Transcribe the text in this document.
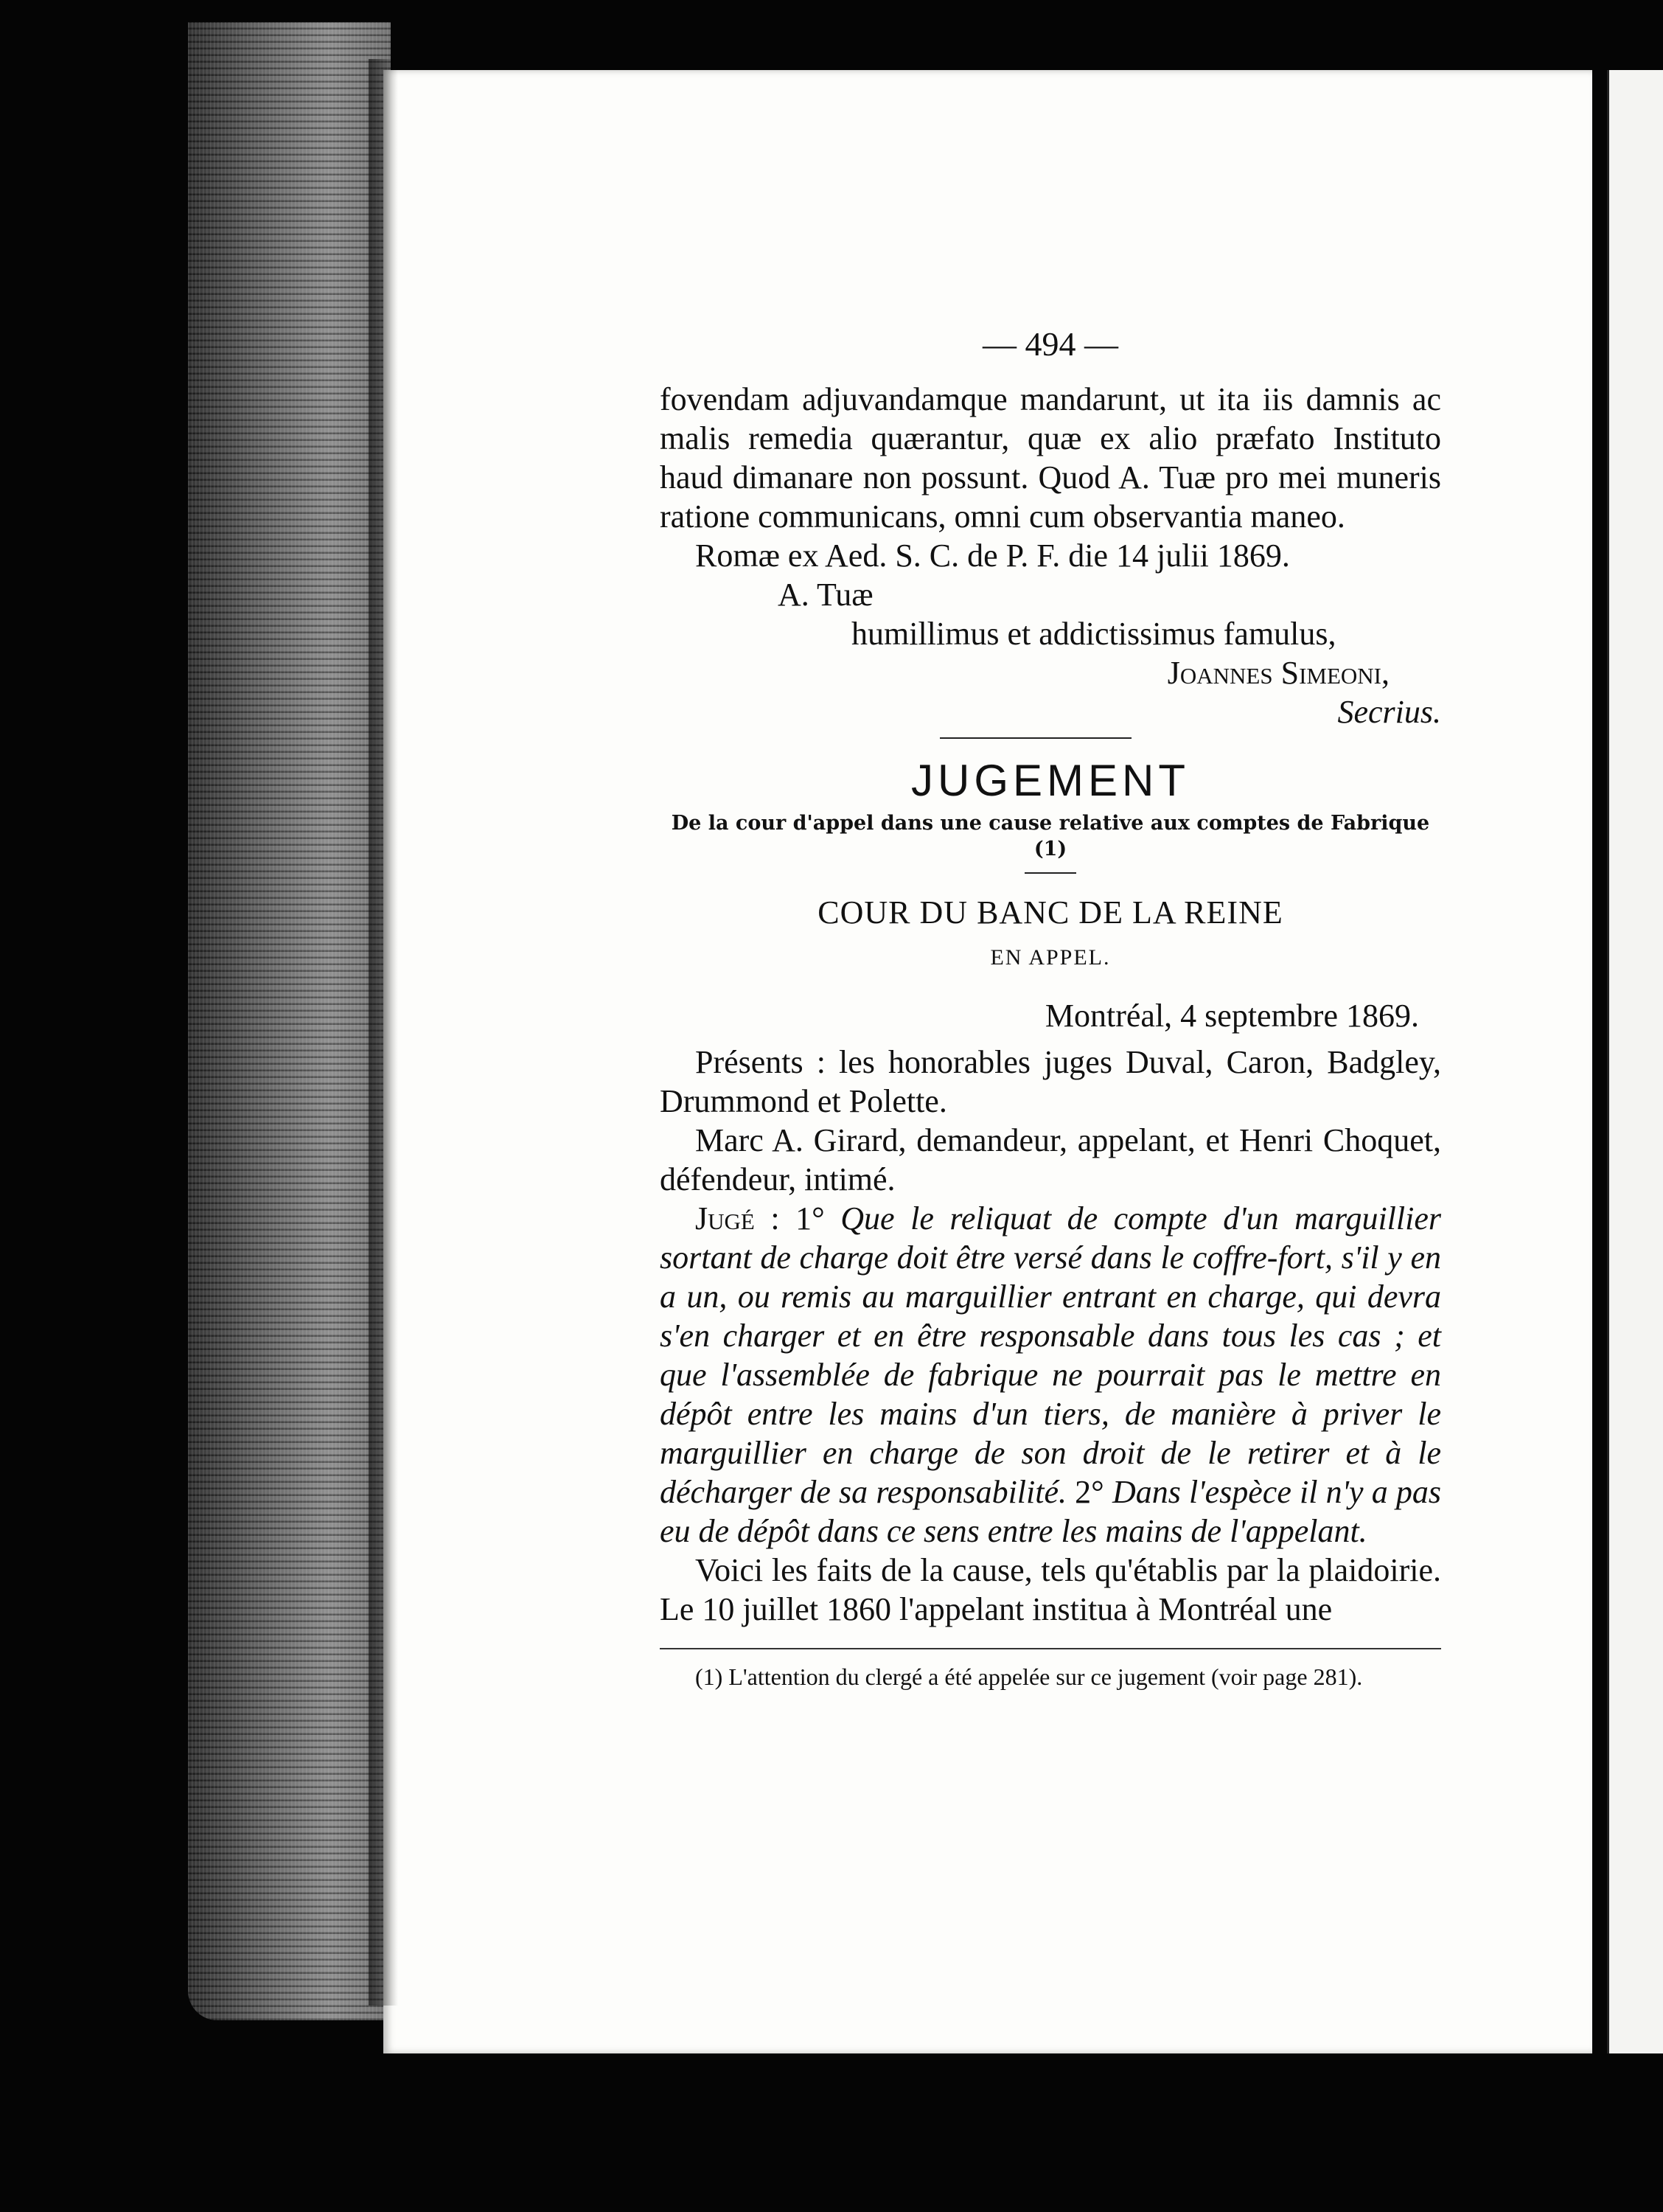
— 494 —

fovendam adjuvandamque mandarunt, ut ita iis damnis ac malis remedia quærantur, quæ ex alio præfato Instituto haud dimanare non possunt. Quod A. Tuæ pro mei muneris ratione communicans, omni cum observantia maneo.

Romæ ex Aed. S. C. de P. F. die 14 julii 1869.

A. Tuæ

humillimus et addictissimus famulus,

Joannes Simeoni,

Secrius.

JUGEMENT

De la cour d'appel dans une cause relative aux comptes de Fabrique (1)

COUR DU BANC DE LA REINE

EN APPEL.

Montréal, 4 septembre 1869.

Présents : les honorables juges Duval, Caron, Badgley, Drummond et Polette.

Marc A. Girard, demandeur, appelant, et Henri Choquet, défendeur, intimé.

Jugé : 1° Que le reliquat de compte d'un marguillier sortant de charge doit être versé dans le coffre-fort, s'il y en a un, ou remis au marguillier entrant en charge, qui devra s'en charger et en être responsable dans tous les cas ; et que l'assemblée de fabrique ne pourrait pas le mettre en dépôt entre les mains d'un tiers, de manière à priver le marguillier en charge de son droit de le retirer et à le décharger de sa responsabilité. 2° Dans l'espèce il n'y a pas eu de dépôt dans ce sens entre les mains de l'appelant.

Voici les faits de la cause, tels qu'établis par la plaidoirie. Le 10 juillet 1860 l'appelant institua à Montréal une

(1) L'attention du clergé a été appelée sur ce jugement (voir page 281).
